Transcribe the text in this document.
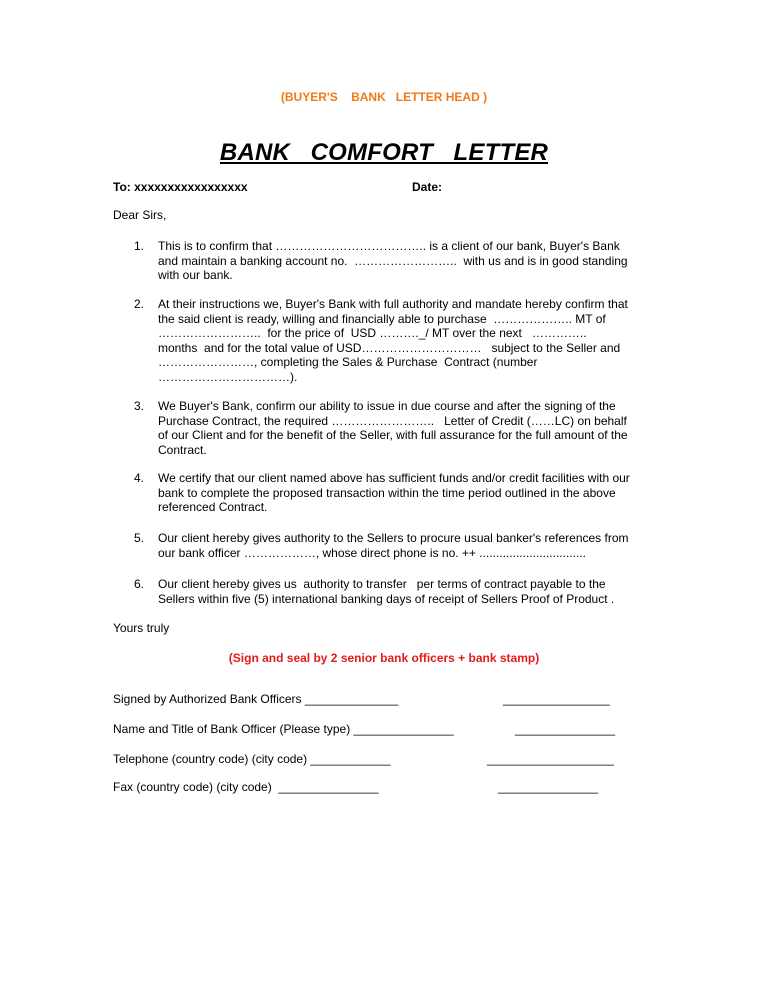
(BUYER'S    BANK   LETTER HEAD )
BANK   COMFORT   LETTER
To: xxxxxxxxxxxxxxxxx	Date:
Dear Sirs,
1.	This is to confirm that ……………………………….. is a client of our bank, Buyer's Bank
and maintain a banking account no.  ……………………..  with us and is in good standing
with our bank.
2.	At their instructions we, Buyer's Bank with full authority and mandate hereby confirm that
the said client is ready, willing and financially able to purchase  ……………….. MT of
……………………..  for the price of  USD ………._/ MT over the next   …………..
months  and for the total value of USD…………………………   subject to the Seller and
……………………, completing the Sales & Purchase  Contract (number
……………………………).
3.	We Buyer's Bank, confirm our ability to issue in due course and after the signing of the
Purchase Contract, the required ……………………..   Letter of Credit (……LC) on behalf
of our Client and for the benefit of the Seller, with full assurance for the full amount of the
Contract.
4.	We certify that our client named above has sufficient funds and/or credit facilities with our
bank to complete the proposed transaction within the time period outlined in the above
referenced Contract.
5.	Our client hereby gives authority to the Sellers to procure usual banker's references from
our bank officer ………………, whose direct phone is no. ++ ................................
6.	Our client hereby gives us  authority to transfer   per terms of contract payable to the
Sellers within five (5) international banking days of receipt of Sellers Proof of Product .
Yours truly
(Sign and seal by 2 senior bank officers + bank stamp)
Signed by Authorized Bank Officers ______________	________________
Name and Title of Bank Officer (Please type) _______________	_______________
Telephone (country code) (city code) ____________	___________________
Fax (country code) (city code)  _______________	_______________
